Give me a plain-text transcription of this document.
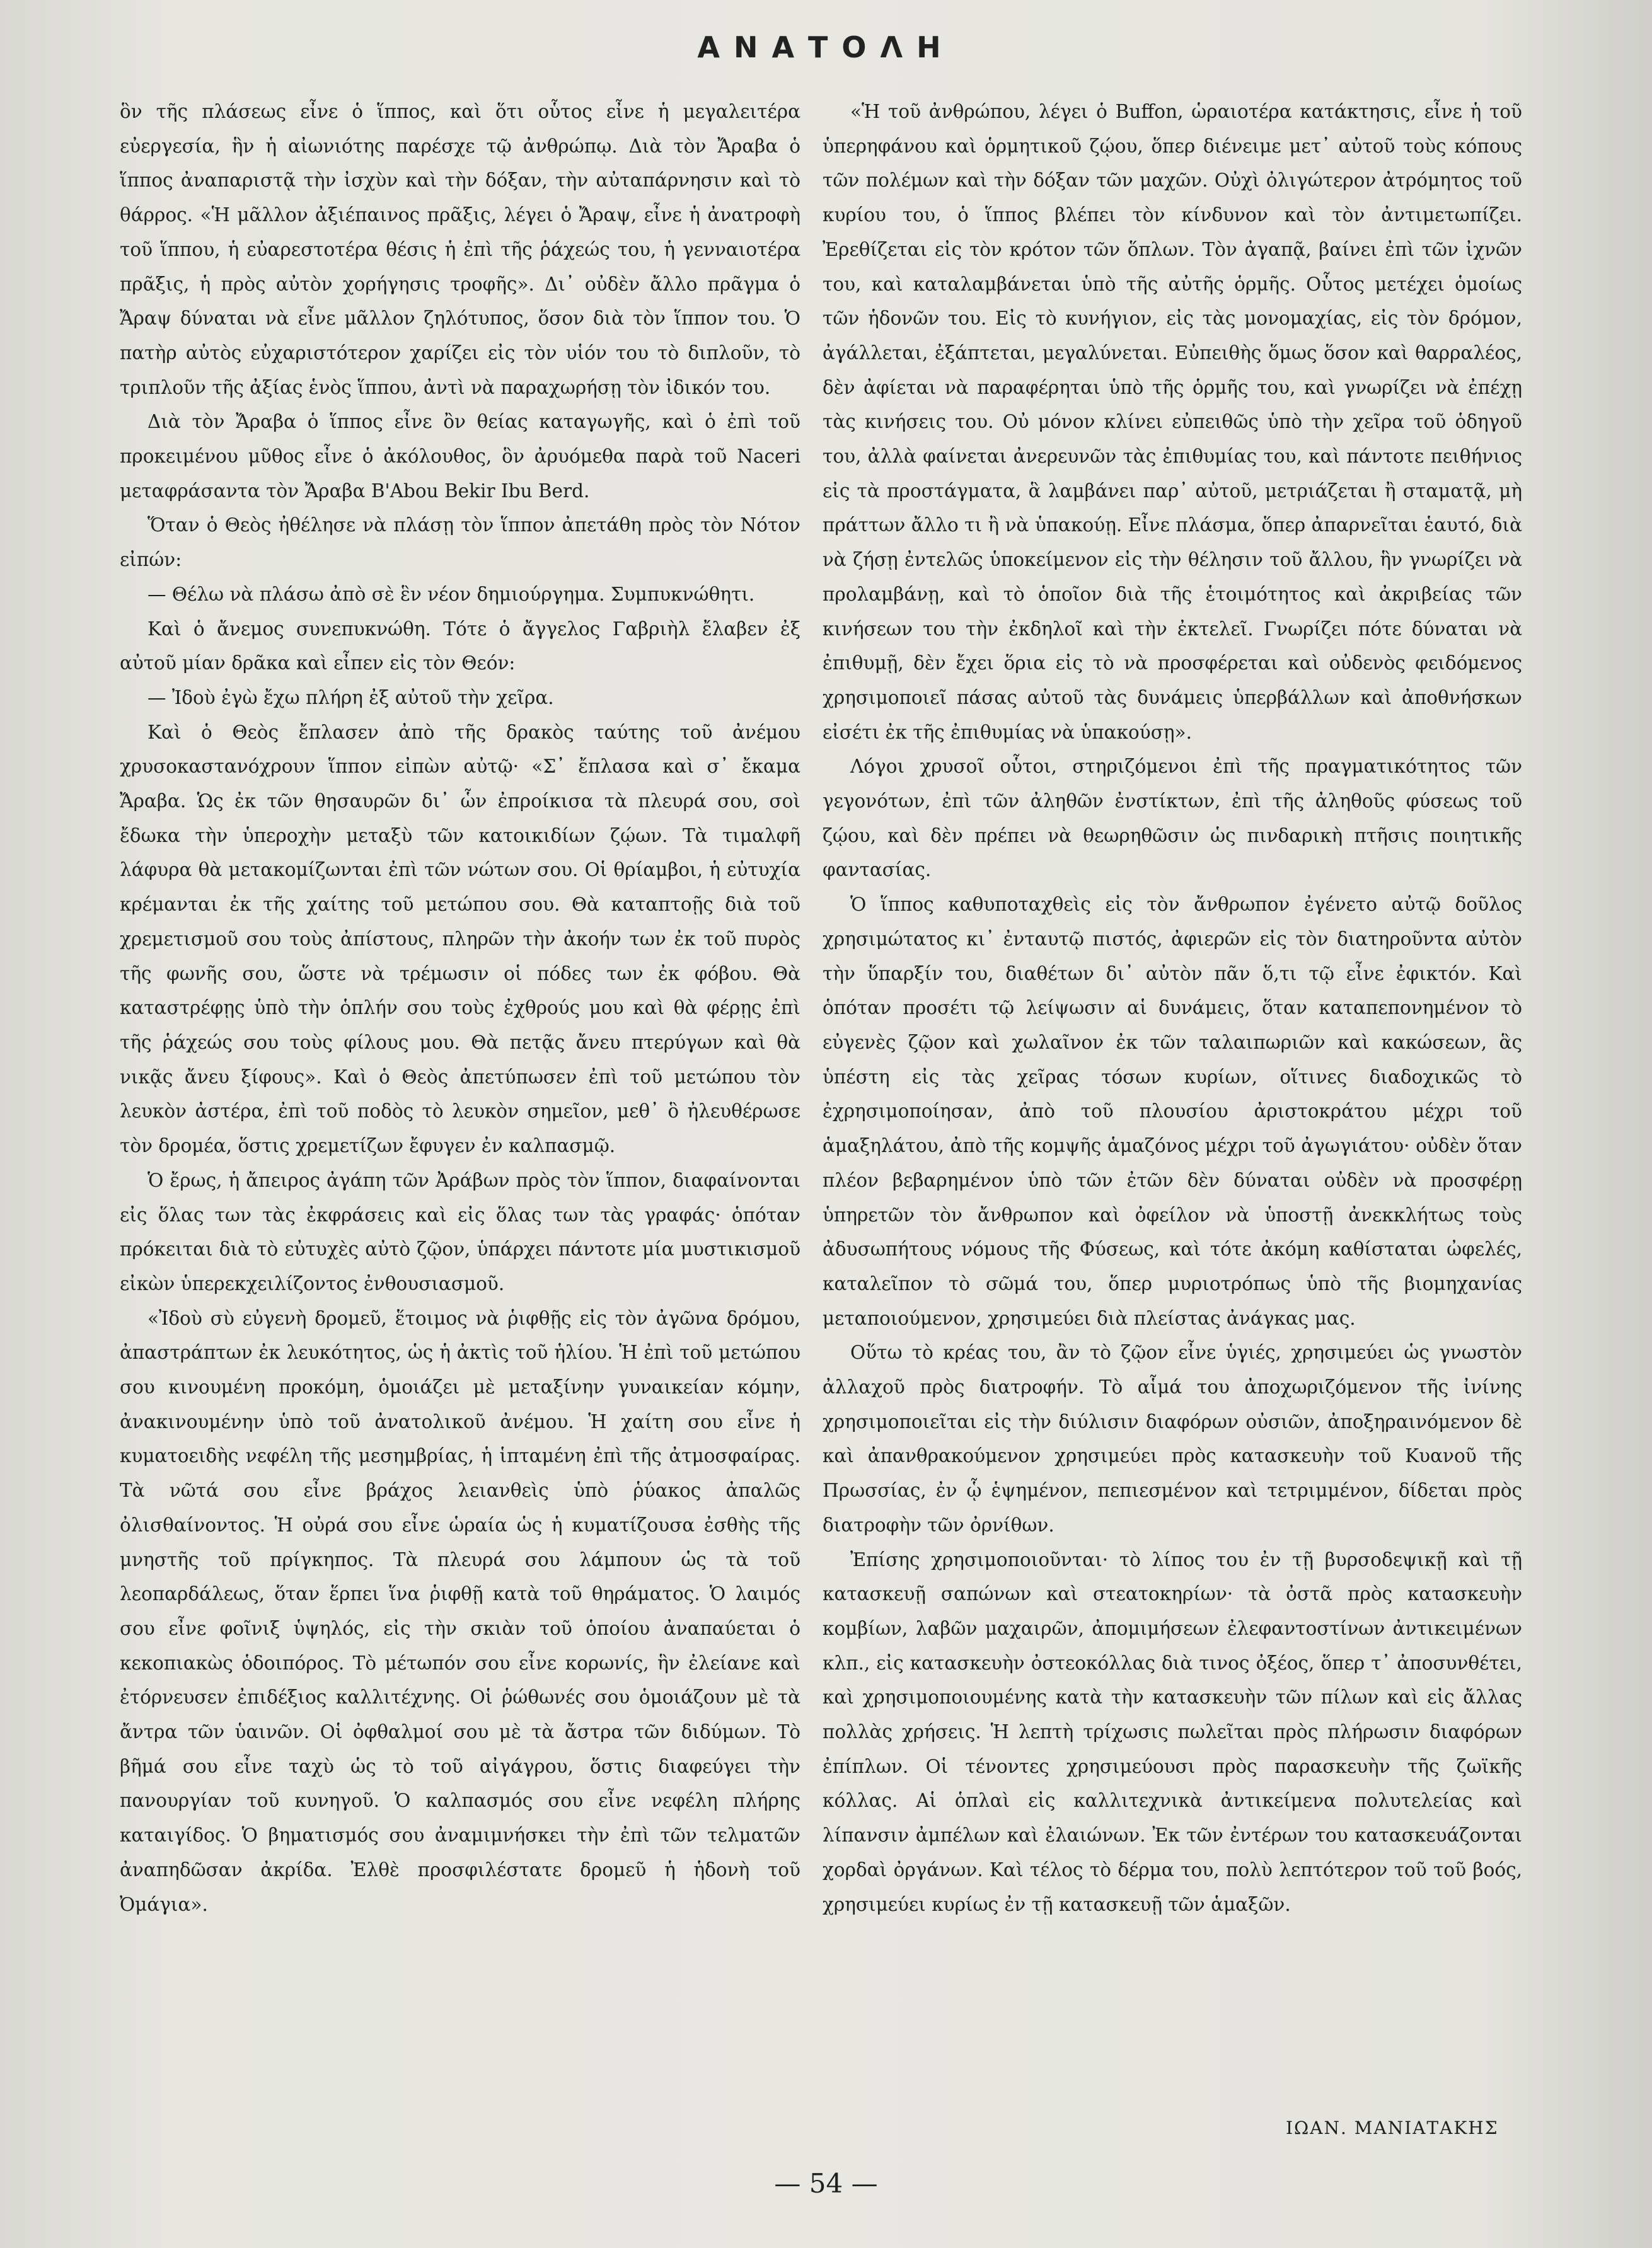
ΑΝΑΤΟΛΗ

ὃν τῆς πλάσεως εἶνε ὁ ἵππος, καὶ ὅτι οὗτος εἶνε ἡ μεγαλειτέρα εὐεργεσία, ἣν ἡ αἰωνιότης παρέσχε τῷ ἀνθρώπῳ. Διὰ τὸν Ἄραβα ὁ ἵππος ἀναπαριστᾷ τὴν ἰσχὺν καὶ τὴν δόξαν, τὴν αὐταπάρνησιν καὶ τὸ θάρρος. «Ἡ μᾶλλον ἀξιέπαινος πρᾶξις, λέγει ὁ Ἄραψ, εἶνε ἡ ἀνατροφὴ τοῦ ἵππου, ἡ εὐαρεστοτέρα θέσις ἡ ἐπὶ τῆς ῥάχεώς του, ἡ γενναιοτέρα πρᾶξις, ἡ πρὸς αὐτὸν χορήγησις τροφῆς». Δι᾽ οὐδὲν ἄλλο πρᾶγμα ὁ Ἄραψ δύναται νὰ εἶνε μᾶλλον ζηλότυπος, ὅσον διὰ τὸν ἵππον του. Ὁ πατὴρ αὐτὸς εὐχαριστότερον χαρίζει εἰς τὸν υἱόν του τὸ διπλοῦν, τὸ τριπλοῦν τῆς ἀξίας ἑνὸς ἵππου, ἀντὶ νὰ παραχωρήσῃ τὸν ἰδικόν του.

Διὰ τὸν Ἄραβα ὁ ἵππος εἶνε ὂν θείας καταγωγῆς, καὶ ὁ ἐπὶ τοῦ προκειμένου μῦθος εἶνε ὁ ἀκόλουθος, ὃν ἀρυόμεθα παρὰ τοῦ Naceri μεταφράσαντα τὸν Ἄραβα B'Abou Bekir Ibu Berd.

Ὅταν ὁ Θεὸς ἠθέλησε νὰ πλάσῃ τὸν ἵππον ἀπετάθη πρὸς τὸν Νότον εἰπών:

— Θέλω νὰ πλάσω ἀπὸ σὲ ἓν νέον δημιούργημα. Συμπυκνώθητι.

Καὶ ὁ ἄνεμος συνεπυκνώθη. Τότε ὁ ἄγγελος Γαβριὴλ ἔλαβεν ἐξ αὐτοῦ μίαν δρᾶκα καὶ εἶπεν εἰς τὸν Θεόν:

— Ἰδοὺ ἐγὼ ἔχω πλήρη ἐξ αὐτοῦ τὴν χεῖρα.

Καὶ ὁ Θεὸς ἔπλασεν ἀπὸ τῆς δρακὸς ταύτης τοῦ ἀνέμου χρυσοκαστανόχρουν ἵππον εἰπὼν αὐτῷ· «Σ᾽ ἔπλασα καὶ σ᾽ ἔκαμα Ἄραβα. Ὡς ἐκ τῶν θησαυρῶν δι᾽ ὧν ἐπροίκισα τὰ πλευρά σου, σοὶ ἔδωκα τὴν ὑπεροχὴν μεταξὺ τῶν κατοικιδίων ζῴων. Τὰ τιμαλφῆ λάφυρα θὰ μετακομίζωνται ἐπὶ τῶν νώτων σου. Οἱ θρίαμβοι, ἡ εὐτυχία κρέμανται ἐκ τῆς χαίτης τοῦ μετώπου σου. Θὰ καταπτοῇς διὰ τοῦ χρεμετισμοῦ σου τοὺς ἀπίστους, πληρῶν τὴν ἀκοήν των ἐκ τοῦ πυρὸς τῆς φωνῆς σου, ὥστε νὰ τρέμωσιν οἱ πόδες των ἐκ φόβου. Θὰ καταστρέφῃς ὑπὸ τὴν ὁπλήν σου τοὺς ἐχθρούς μου καὶ θὰ φέρῃς ἐπὶ τῆς ῥάχεώς σου τοὺς φίλους μου. Θὰ πετᾷς ἄνευ πτερύγων καὶ θὰ νικᾷς ἄνευ ξίφους». Καὶ ὁ Θεὸς ἀπετύπωσεν ἐπὶ τοῦ μετώπου τὸν λευκὸν ἀστέρα, ἐπὶ τοῦ ποδὸς τὸ λευκὸν σημεῖον, μεθ᾽ ὃ ἠλευθέρωσε τὸν δρομέα, ὅστις χρεμετίζων ἔφυγεν ἐν καλπασμῷ.

Ὁ ἔρως, ἡ ἄπειρος ἀγάπη τῶν Ἀράβων πρὸς τὸν ἵππον, διαφαίνονται εἰς ὅλας των τὰς ἐκφράσεις καὶ εἰς ὅλας των τὰς γραφάς· ὁπόταν πρόκειται διὰ τὸ εὐτυχὲς αὐτὸ ζῷον, ὑπάρχει πάντοτε μία μυστικισμοῦ εἰκὼν ὑπερεκχειλίζοντος ἐνθουσιασμοῦ.

«Ἰδοὺ σὺ εὐγενὴ δρομεῦ, ἕτοιμος νὰ ῥιφθῇς εἰς τὸν ἀγῶνα δρόμου, ἀπαστράπτων ἐκ λευκότητος, ὡς ἡ ἀκτὶς τοῦ ἡλίου. Ἡ ἐπὶ τοῦ μετώπου σου κινουμένη προκόμη, ὁμοιάζει μὲ μεταξίνην γυναικείαν κόμην, ἀνακινουμένην ὑπὸ τοῦ ἀνατολικοῦ ἀνέμου. Ἡ χαίτη σου εἶνε ἡ κυματοειδὴς νεφέλη τῆς μεσημβρίας, ἡ ἱπταμένη ἐπὶ τῆς ἀτμοσφαίρας. Τὰ νῶτά σου εἶνε βράχος λειανθεὶς ὑπὸ ῥύακος ἀπαλῶς ὀλισθαίνοντος. Ἡ οὐρά σου εἶνε ὡραία ὡς ἡ κυματίζουσα ἐσθὴς τῆς μνηστῆς τοῦ πρίγκηπος. Τὰ πλευρά σου λάμπουν ὡς τὰ τοῦ λεοπαρδάλεως, ὅταν ἕρπει ἵνα ῥιφθῇ κατὰ τοῦ θηράματος. Ὁ λαιμός σου εἶνε φοῖνιξ ὑψηλός, εἰς τὴν σκιὰν τοῦ ὁποίου ἀναπαύεται ὁ κεκοπιακὼς ὁδοιπόρος. Τὸ μέτωπόν σου εἶνε κορωνίς, ἣν ἐλείανε καὶ ἐτόρνευσεν ἐπιδέξιος καλλιτέχνης. Οἱ ῥώθωνές σου ὁμοιάζουν μὲ τὰ ἄντρα τῶν ὑαινῶν. Οἱ ὀφθαλμοί σου μὲ τὰ ἄστρα τῶν διδύμων. Τὸ βῆμά σου εἶνε ταχὺ ὡς τὸ τοῦ αἰγάγρου, ὅστις διαφεύγει τὴν πανουργίαν τοῦ κυνηγοῦ. Ὁ καλπασμός σου εἶνε νεφέλη πλήρης καταιγίδος. Ὁ βηματισμός σου ἀναμιμνήσκει τὴν ἐπὶ τῶν τελματῶν ἀναπηδῶσαν ἀκρίδα. Ἐλθὲ προσφιλέστατε δρομεῦ ἡ ἡδονὴ τοῦ Ὀμάγια».

«Ἡ τοῦ ἀνθρώπου, λέγει ὁ Buffon, ὡραιοτέρα κατάκτησις, εἶνε ἡ τοῦ ὑπερηφάνου καὶ ὁρμητικοῦ ζῴου, ὅπερ διένειμε μετ᾽ αὐτοῦ τοὺς κόπους τῶν πολέμων καὶ τὴν δόξαν τῶν μαχῶν. Οὐχὶ ὀλιγώτερον ἀτρόμητος τοῦ κυρίου του, ὁ ἵππος βλέπει τὸν κίνδυνον καὶ τὸν ἀντιμετωπίζει. Ἐρεθίζεται εἰς τὸν κρότον τῶν ὅπλων. Τὸν ἀγαπᾷ, βαίνει ἐπὶ τῶν ἰχνῶν του, καὶ καταλαμβάνεται ὑπὸ τῆς αὐτῆς ὁρμῆς. Οὗτος μετέχει ὁμοίως τῶν ἡδονῶν του. Εἰς τὸ κυνήγιον, εἰς τὰς μονομαχίας, εἰς τὸν δρόμον, ἀγάλλεται, ἐξάπτεται, μεγαλύνεται. Εὐπειθὴς ὅμως ὅσον καὶ θαρραλέος, δὲν ἀφίεται νὰ παραφέρηται ὑπὸ τῆς ὁρμῆς του, καὶ γνωρίζει νὰ ἐπέχῃ τὰς κινήσεις του. Οὐ μόνον κλίνει εὐπειθῶς ὑπὸ τὴν χεῖρα τοῦ ὁδηγοῦ του, ἀλλὰ φαίνεται ἀνερευνῶν τὰς ἐπιθυμίας του, καὶ πάντοτε πειθήνιος εἰς τὰ προστάγματα, ἃ λαμβάνει παρ᾽ αὐτοῦ, μετριάζεται ἢ σταματᾷ, μὴ πράττων ἄλλο τι ἢ νὰ ὑπακούῃ. Εἶνε πλάσμα, ὅπερ ἀπαρνεῖται ἑαυτό, διὰ νὰ ζήσῃ ἐντελῶς ὑποκείμενον εἰς τὴν θέλησιν τοῦ ἄλλου, ἣν γνωρίζει νὰ προλαμβάνῃ, καὶ τὸ ὁποῖον διὰ τῆς ἑτοιμότητος καὶ ἀκριβείας τῶν κινήσεων του τὴν ἐκδηλοῖ καὶ τὴν ἐκτελεῖ. Γνωρίζει πότε δύναται νὰ ἐπιθυμῇ, δὲν ἔχει ὅρια εἰς τὸ νὰ προσφέρεται καὶ οὐδενὸς φειδόμενος χρησιμοποιεῖ πάσας αὐτοῦ τὰς δυνάμεις ὑπερβάλλων καὶ ἀποθνήσκων εἰσέτι ἐκ τῆς ἐπιθυμίας νὰ ὑπακούσῃ».

Λόγοι χρυσοῖ οὗτοι, στηριζόμενοι ἐπὶ τῆς πραγματικότητος τῶν γεγονότων, ἐπὶ τῶν ἀληθῶν ἐνστίκτων, ἐπὶ τῆς ἀληθοῦς φύσεως τοῦ ζῴου, καὶ δὲν πρέπει νὰ θεωρηθῶσιν ὡς πινδαρικὴ πτῆσις ποιητικῆς φαντασίας.

Ὁ ἵππος καθυποταχθεὶς εἰς τὸν ἄνθρωπον ἐγένετο αὐτῷ δοῦλος χρησιμώτατος κι᾽ ἐνταυτῷ πιστός, ἀφιερῶν εἰς τὸν διατηροῦντα αὐτὸν τὴν ὕπαρξίν του, διαθέτων δι᾽ αὐτὸν πᾶν ὅ,τι τῷ εἶνε ἐφικτόν. Καὶ ὁπόταν προσέτι τῷ λείψωσιν αἱ δυνάμεις, ὅταν καταπεπονημένον τὸ εὐγενὲς ζῷον καὶ χωλαῖνον ἐκ τῶν ταλαιπωριῶν καὶ κακώσεων, ἃς ὑπέστη εἰς τὰς χεῖρας τόσων κυρίων, οἵτινες διαδοχικῶς τὸ ἐχρησιμοποίησαν, ἀπὸ τοῦ πλουσίου ἀριστοκράτου μέχρι τοῦ ἁμαξηλάτου, ἀπὸ τῆς κομψῆς ἁμαζόνος μέχρι τοῦ ἀγωγιάτου· οὐδὲν ὅταν πλέον βεβαρημένον ὑπὸ τῶν ἐτῶν δὲν δύναται οὐδὲν νὰ προσφέρῃ ὑπηρετῶν τὸν ἄνθρωπον καὶ ὀφείλον νὰ ὑποστῇ ἀνεκκλήτως τοὺς ἀδυσωπήτους νόμους τῆς Φύσεως, καὶ τότε ἀκόμη καθίσταται ὠφελές, καταλεῖπον τὸ σῶμά του, ὅπερ μυριοτρόπως ὑπὸ τῆς βιομηχανίας μεταποιούμενον, χρησιμεύει διὰ πλείστας ἀνάγκας μας.

Οὕτω τὸ κρέας του, ἂν τὸ ζῷον εἶνε ὑγιές, χρησιμεύει ὡς γνωστὸν ἀλλαχοῦ πρὸς διατροφήν. Τὸ αἷμά του ἀποχωριζόμενον τῆς ἰνίνης χρησιμοποιεῖται εἰς τὴν διύλισιν διαφόρων οὐσιῶν, ἀποξηραινόμενον δὲ καὶ ἀπανθρακούμενον χρησιμεύει πρὸς κατασκευὴν τοῦ Κυανοῦ τῆς Πρωσσίας, ἐν ᾧ ἑψημένον, πεπιεσμένον καὶ τετριμμένον, δίδεται πρὸς διατροφὴν τῶν ὀρνίθων.

Ἐπίσης χρησιμοποιοῦνται· τὸ λίπος του ἐν τῇ βυρσοδεψικῇ καὶ τῇ κατασκευῇ σαπώνων καὶ στεατοκηρίων· τὰ ὀστᾶ πρὸς κατασκευὴν κομβίων, λαβῶν μαχαιρῶν, ἀπομιμήσεων ἐλεφαντοστίνων ἀντικειμένων κλπ., εἰς κατασκευὴν ὀστεοκόλλας διὰ τινος ὀξέος, ὅπερ τ᾽ ἀποσυνθέτει, καὶ χρησιμοποιουμένης κατὰ τὴν κατασκευὴν τῶν πίλων καὶ εἰς ἄλλας πολλὰς χρήσεις. Ἡ λεπτὴ τρίχωσις πωλεῖται πρὸς πλήρωσιν διαφόρων ἐπίπλων. Οἱ τένοντες χρησιμεύουσι πρὸς παρασκευὴν τῆς ζωϊκῆς κόλλας. Αἱ ὁπλαὶ εἰς καλλιτεχνικὰ ἀντικείμενα πολυτελείας καὶ λίπανσιν ἀμπέλων καὶ ἐλαιώνων. Ἐκ τῶν ἐντέρων του κατασκευάζονται χορδαὶ ὀργάνων. Καὶ τέλος τὸ δέρμα του, πολὺ λεπτότερον τοῦ τοῦ βοός, χρησιμεύει κυρίως ἐν τῇ κατασκευῇ τῶν ἁμαξῶν.

ΙΩΑΝ. ΜΑΝΙΑΤΑΚΗΣ
— 54 —
